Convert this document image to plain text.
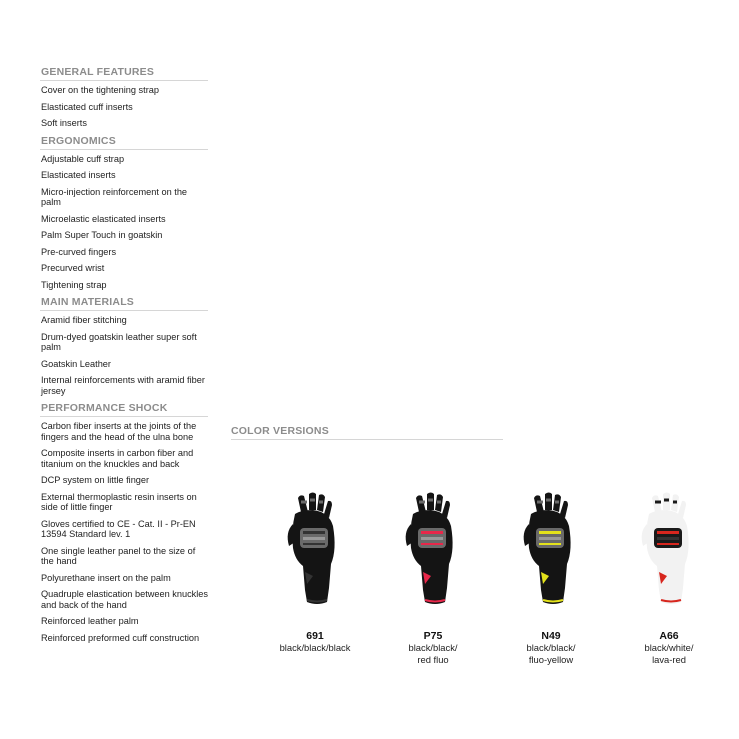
GENERAL FEATURES
Cover on the tightening strap
Elasticated cuff inserts
Soft inserts
ERGONOMICS
Adjustable cuff strap
Elasticated inserts
Micro-injection reinforcement on the palm
Microelastic elasticated inserts
Palm Super Touch in goatskin
Pre-curved fingers
Precurved wrist
Tightening strap
MAIN MATERIALS
Aramid fiber stitching
Drum-dyed goatskin leather super soft palm
Goatskin Leather
Internal reinforcements with aramid fiber jersey
PERFORMANCE SHOCK
Carbon fiber inserts at the joints of the fingers and the head of the ulna bone
Composite inserts in carbon fiber and titanium on the knuckles and back
DCP system on little finger
External thermoplastic resin inserts on side of little finger
Gloves certified to CE - Cat. II - Pr-EN 13594 Standard lev. 1
One single leather panel to the size of the hand
Polyurethane insert on the palm
Quadruple elastication between knuckles and back of the hand
Reinforced leather palm
Reinforced preformed cuff construction
COLOR VERSIONS
691
black/black/black
P75
black/black/
red fluo
N49
black/black/
fluo-yellow
A66
black/white/
lava-red
